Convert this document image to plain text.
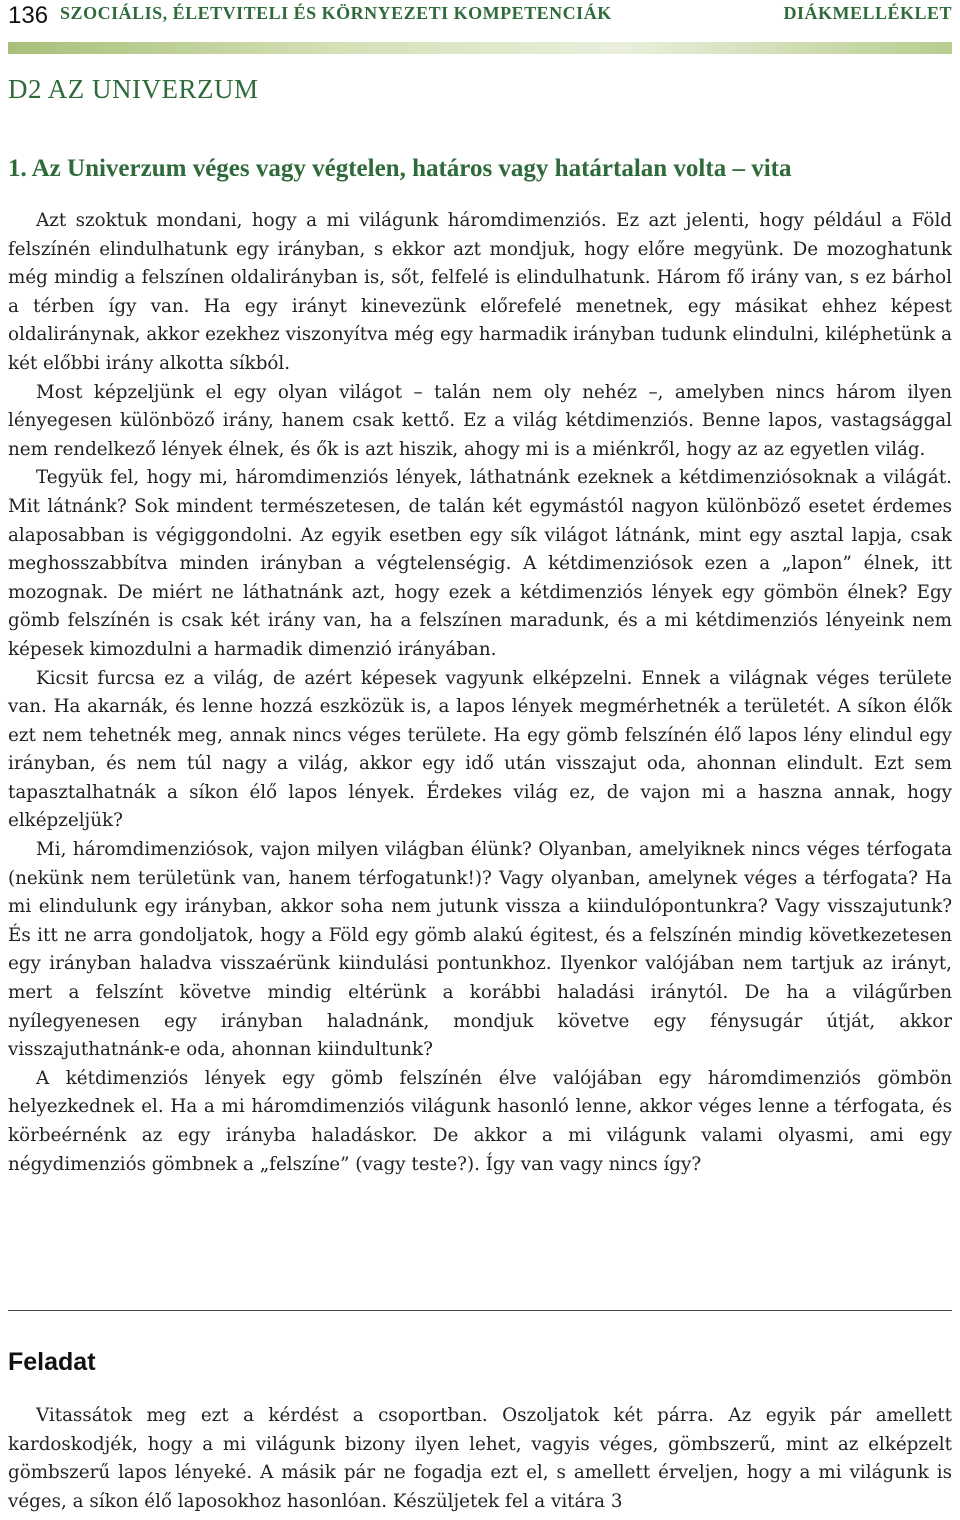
136 SZOCIÁLIS, ÉLETVITELI ÉS KÖRNYEZETI KOMPETENCIÁK	DIÁKMELLÉKLET
D2 AZ UNIVERZUM
1. Az Univerzum véges vagy végtelen, határos vagy határtalan volta – vita

Azt szoktuk mondani, hogy a mi világunk háromdimenziós. Ez azt jelenti, hogy például a Föld felszínén elindulhatunk egy irányban, s ekkor azt mondjuk, hogy előre megyünk. De mozoghatunk még mindig a felszínen oldalirányban is, sőt, felfelé is elindulhatunk. Három fő irány van, s ez bárhol a térben így van. Ha egy irányt kinevezünk előrefelé menetnek, egy másikat ehhez képest oldaliránynak, akkor ezekhez viszonyítva még egy harmadik irányban tudunk elindulni, kiléphetünk a két előbbi irány alkotta síkból.

Most képzeljünk el egy olyan világot – talán nem oly nehéz –, amelyben nincs három ilyen lényegesen különböző irány, hanem csak kettő. Ez a világ kétdimenziós. Benne lapos, vastagsággal nem rendelkező lények élnek, és ők is azt hiszik, ahogy mi is a miénkről, hogy az az egyetlen világ.

Tegyük fel, hogy mi, háromdimenziós lények, láthatnánk ezeknek a kétdimenziósoknak a világát. Mit látnánk? Sok mindent természetesen, de talán két egymástól nagyon különböző esetet érdemes alaposabban is végiggondolni. Az egyik esetben egy sík világot látnánk, mint egy asztal lapja, csak meghosszabbítva minden irányban a végtelenségig. A kétdimenziósok ezen a „lapon” élnek, itt mozognak. De miért ne láthatnánk azt, hogy ezek a kétdimenziós lények egy gömbön élnek? Egy gömb felszínén is csak két irány van, ha a felszínen maradunk, és a mi kétdimenziós lényeink nem képesek kimozdulni a harmadik dimenzió irányában.

Kicsit furcsa ez a világ, de azért képesek vagyunk elképzelni. Ennek a világnak véges területe van. Ha akarnák, és lenne hozzá eszközük is, a lapos lények megmérhetnék a területét. A síkon élők ezt nem tehetnék meg, annak nincs véges területe. Ha egy gömb felszínén élő lapos lény elindul egy irányban, és nem túl nagy a világ, akkor egy idő után visszajut oda, ahonnan elindult. Ezt sem tapasztalhatnák a síkon élő lapos lények. Érdekes világ ez, de vajon mi a haszna annak, hogy elképzeljük?

Mi, háromdimenziósok, vajon milyen világban élünk? Olyanban, amelyiknek nincs véges térfogata (nekünk nem területünk van, hanem térfogatunk!)? Vagy olyanban, amelynek véges a térfogata? Ha mi elindulunk egy irányban, akkor soha nem jutunk vissza a kiindulópontunkra? Vagy visszajutunk? És itt ne arra gondoljatok, hogy a Föld egy gömb alakú égitest, és a felszínén mindig következetesen egy irányban haladva visszaérünk kiindulási pontunkhoz. Ilyenkor valójában nem tartjuk az irányt, mert a felszínt követve mindig eltérünk a korábbi haladási iránytól. De ha a világűrben nyílegyenesen egy irányban haladnánk, mondjuk követve egy fénysugár útját, akkor visszajuthatnánk-e oda, ahonnan kiindultunk?

A kétdimenziós lények egy gömb felszínén élve valójában egy háromdimenziós gömbön helyezkednek el. Ha a mi háromdimenziós világunk hasonló lenne, akkor véges lenne a térfogata, és körbeérnénk az egy irányba haladáskor. De akkor a mi világunk valami olyasmi, ami egy négydimenziós gömbnek a „felszíne” (vagy teste?). Így van vagy nincs így?

Feladat

Vitassátok meg ezt a kérdést a csoportban. Oszoljatok két párra. Az egyik pár amellett kardoskodjék, hogy a mi világunk bizony ilyen lehet, vagyis véges, gömbszerű, mint az elképzelt gömbszerű lapos lényeké. A másik pár ne fogadja ezt el, s amellett érveljen, hogy a mi világunk is véges, a síkon élő laposokhoz hasonlóan. Készüljetek fel a vitára 3
